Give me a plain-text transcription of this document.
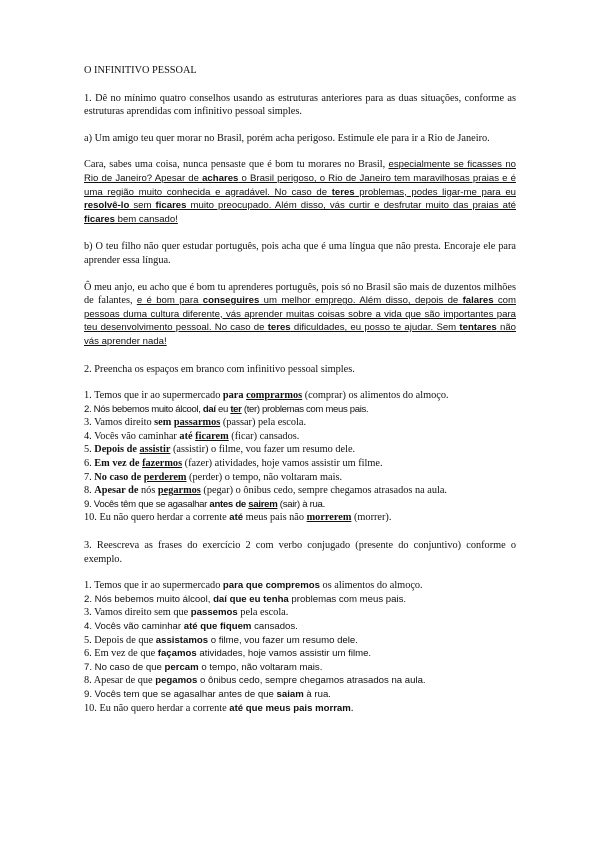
O INFINITIVO PESSOAL
1. Dê no mínimo quatro conselhos usando as estruturas anteriores para as duas situações, conforme as estruturas aprendidas com infinitivo pessoal simples.
a) Um amigo teu quer morar no Brasil, porém acha perigoso. Estimule ele para ir a Rio de Janeiro.
Cara, sabes uma coisa, nunca pensaste que é bom tu morares no Brasil, especialmente se ficasses no Rio de Janeiro? Apesar de achares o Brasil perigoso, o Rio de Janeiro tem maravilhosas praias e é uma região muito conhecida e agradável. No caso de teres problemas, podes ligar-me para eu resolvê-lo sem ficares muito preocupado. Além disso, vás curtir e desfrutar muito das praias até ficares bem cansado!
b) O teu filho não quer estudar português, pois acha que é uma língua que não presta. Encoraje ele para aprender essa língua.
Ô meu anjo, eu acho que é bom tu aprenderes português, pois só no Brasil são mais de duzentos milhões de falantes, e é bom para conseguires um melhor emprego. Além disso, depois de falares com pessoas duma cultura diferente, vás aprender muitas coisas sobre a vida que são importantes para teu desenvolvimento pessoal. No caso de teres dificuldades, eu posso te ajudar. Sem tentares não vás aprender nada!
2. Preencha os espaços em branco com infinitivo pessoal simples.
1. Temos que ir ao supermercado para comprarmos (comprar) os alimentos do almoço.
2. Nós bebemos muito álcool, daí eu ter (ter) problemas com meus pais.
3. Vamos direito sem passarmos (passar) pela escola.
4. Vocês vão caminhar até ficarem (ficar) cansados.
5. Depois de assistir (assistir) o filme, vou fazer um resumo dele.
6. Em vez de fazermos (fazer) atividades, hoje vamos assistir um filme.
7. No caso de perderem (perder) o tempo, não voltaram mais.
8. Apesar de nós pegarmos (pegar) o ônibus cedo, sempre chegamos atrasados na aula.
9. Vocês têm que se agasalhar antes de sairem (sair) à rua.
10. Eu não quero herdar a corrente até meus pais não morrerem (morrer).
3. Reescreva as frases do exercício 2 com verbo conjugado (presente do conjuntivo) conforme o exemplo.
1. Temos que ir ao supermercado para que compremos os alimentos do almoço.
2. Nós bebemos muito álcool, daí que eu tenha problemas com meus pais.
3. Vamos direito sem que passemos pela escola.
4. Vocês vão caminhar até que fiquem cansados.
5. Depois de que assistamos o filme, vou fazer um resumo dele.
6. Em vez de que façamos atividades, hoje vamos assistir um filme.
7. No caso de que percam o tempo, não voltaram mais.
8. Apesar de que pegamos o ônibus cedo, sempre chegamos atrasados na aula.
9. Vocês tem que se agasalhar antes de que saiam à rua.
10. Eu não quero herdar a corrente até que meus pais morram.
